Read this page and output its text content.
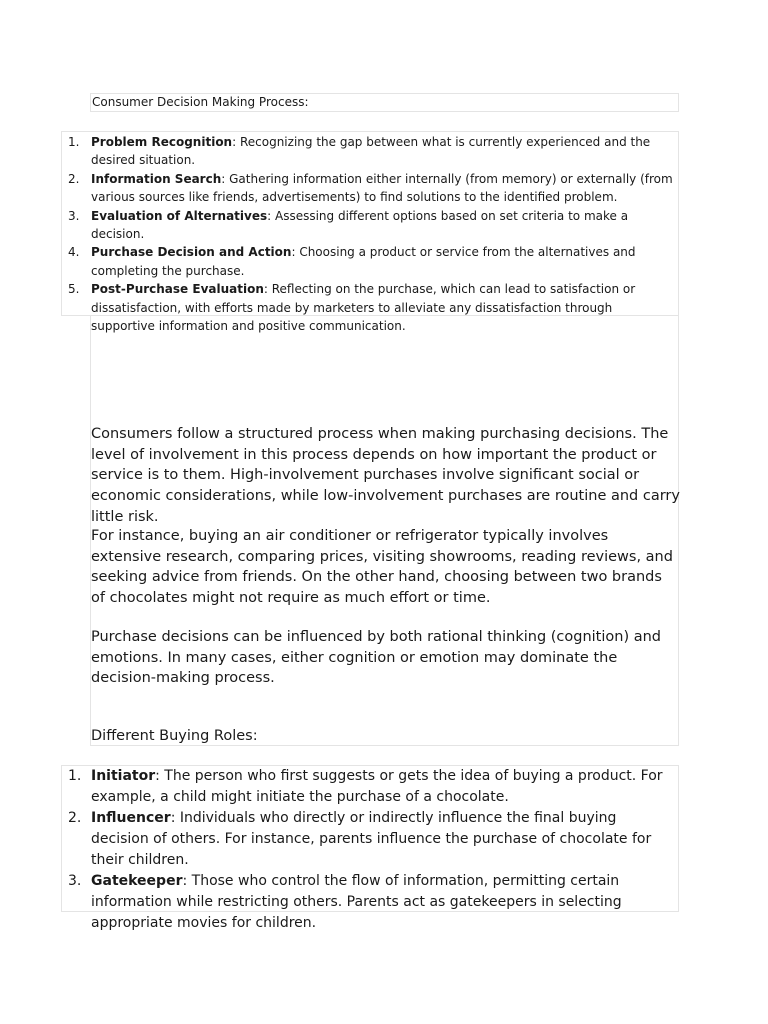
Consumer Decision Making Process:
1. Problem Recognition: Recognizing the gap between what is currently experienced and the desired situation.
2. Information Search: Gathering information either internally (from memory) or externally (from various sources like friends, advertisements) to find solutions to the identified problem.
3. Evaluation of Alternatives: Assessing different options based on set criteria to make a decision.
4. Purchase Decision and Action: Choosing a product or service from the alternatives and completing the purchase.
5. Post-Purchase Evaluation: Reflecting on the purchase, which can lead to satisfaction or dissatisfaction, with efforts made by marketers to alleviate any dissatisfaction through supportive information and positive communication.
Consumers follow a structured process when making purchasing decisions. The level of involvement in this process depends on how important the product or service is to them. High-involvement purchases involve significant social or economic considerations, while low-involvement purchases are routine and carry little risk.
For instance, buying an air conditioner or refrigerator typically involves extensive research, comparing prices, visiting showrooms, reading reviews, and seeking advice from friends. On the other hand, choosing between two brands of chocolates might not require as much effort or time.
Purchase decisions can be influenced by both rational thinking (cognition) and emotions. In many cases, either cognition or emotion may dominate the decision-making process.
Different Buying Roles:
1. Initiator: The person who first suggests or gets the idea of buying a product. For example, a child might initiate the purchase of a chocolate.
2. Influencer: Individuals who directly or indirectly influence the final buying decision of others. For instance, parents influence the purchase of chocolate for their children.
3. Gatekeeper: Those who control the flow of information, permitting certain information while restricting others. Parents act as gatekeepers in selecting appropriate movies for children.
